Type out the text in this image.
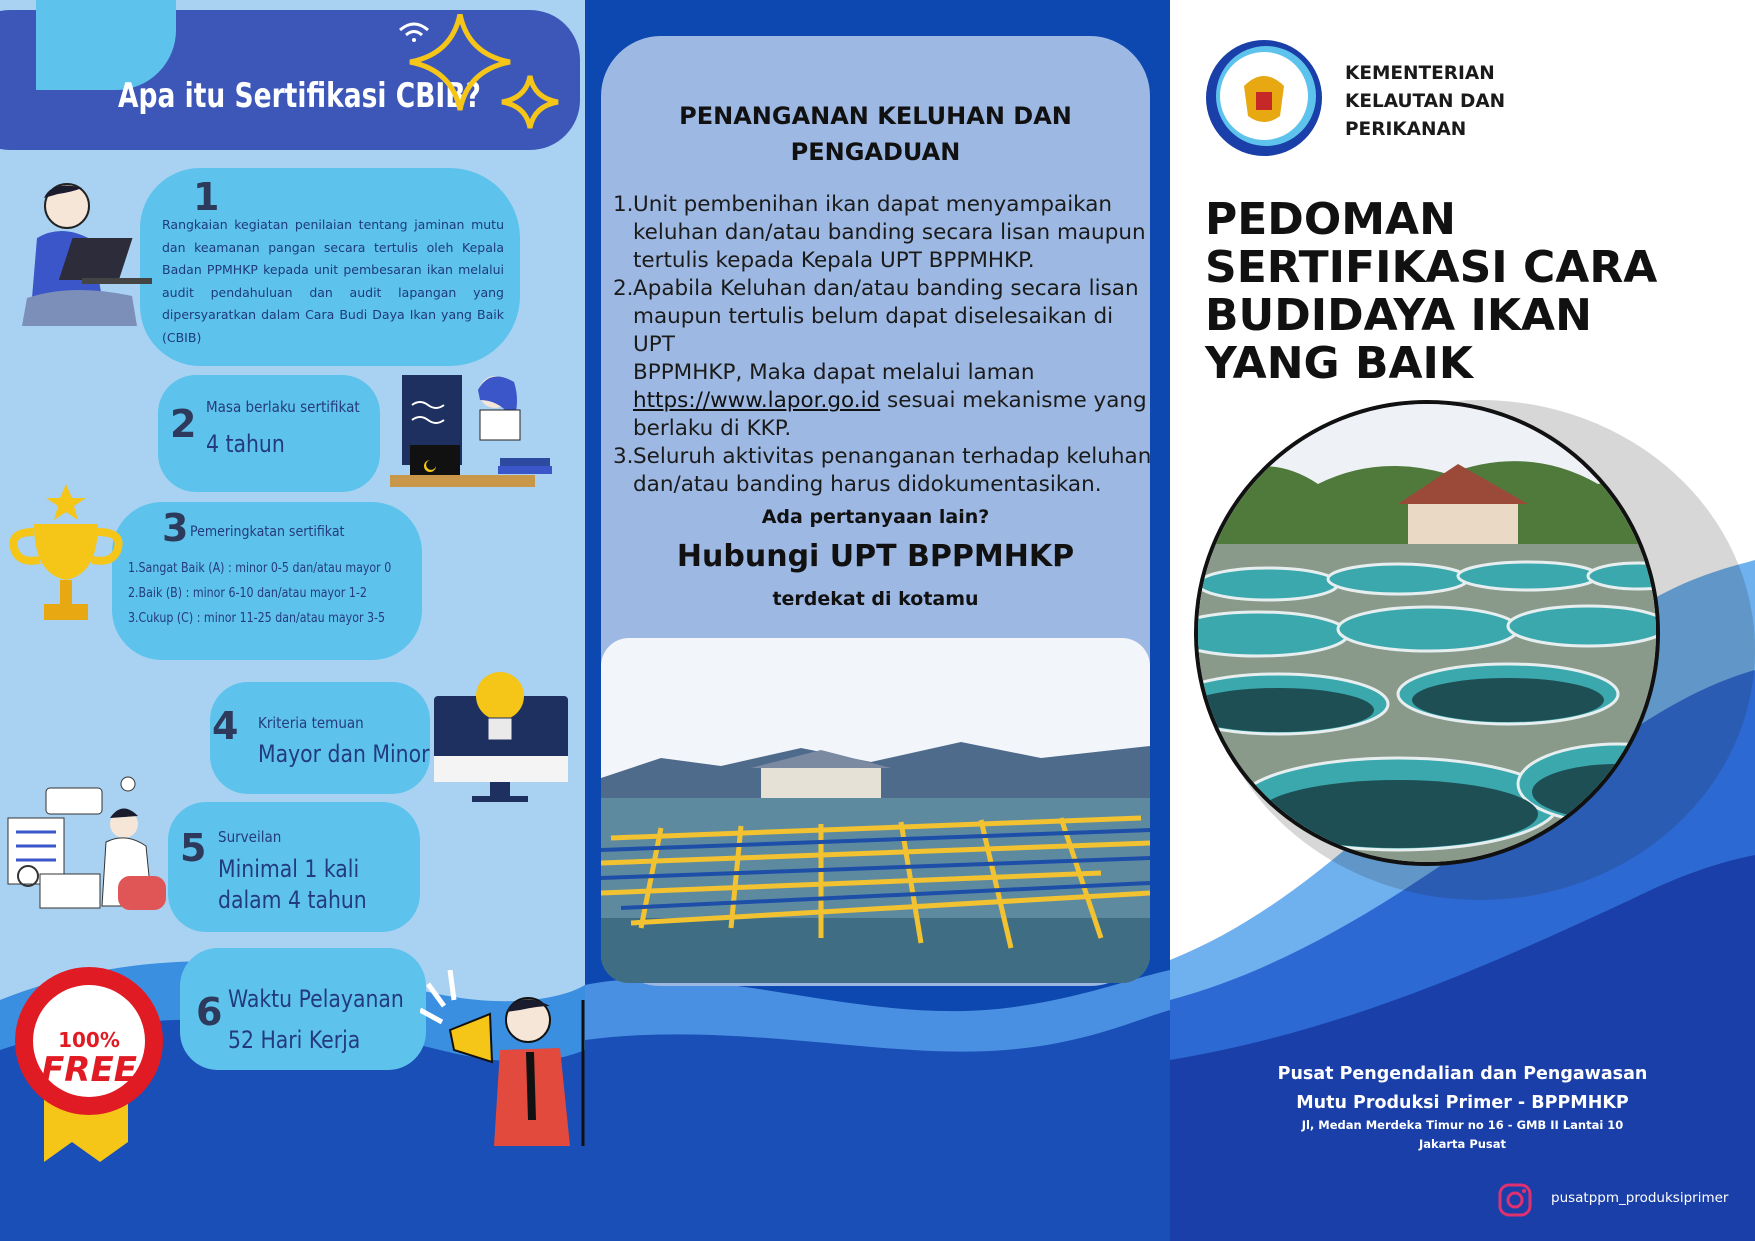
Apa itu Sertifikasi CBIB?
1
Rangkaian kegiatan penilaian tentang jaminan mutu dan keamanan pangan secara tertulis oleh Kepala Badan PPMHKP kepada unit pembesaran ikan melalui audit pendahuluan dan audit lapangan yang dipersyaratkan dalam Cara Budi Daya Ikan yang Baik (CBIB)
2 Masa berlaku sertifikat
4 tahun
3 Pemeringkatan sertifikat
1.Sangat Baik (A) : minor 0-5 dan/atau mayor 0
2.Baik (B) : minor 6-10 dan/atau mayor 1-2
3.Cukup (C) : minor 11-25 dan/atau mayor 3-5
4 Kriteria temuan
Mayor dan Minor
5 Surveilan
Minimal 1 kali
dalam 4 tahun
6 Waktu Pelayanan
52 Hari Kerja
100%
FREE
PENANGANAN KELUHAN DAN
PENGADUAN
1. Unit pembenihan ikan dapat menyampaikan
keluhan dan/atau banding secara lisan maupun
tertulis kepada Kepala UPT BPPMHKP.
2. Apabila Keluhan dan/atau banding secara lisan
maupun tertulis belum dapat diselesaikan di UPT
BPPMHKP, Maka dapat melalui laman
https://www.lapor.go.id sesuai mekanisme yang
berlaku di KKP.
3. Seluruh aktivitas penanganan terhadap keluhan
dan/atau banding harus didokumentasikan.
Ada pertanyaan lain?
Hubungi UPT BPPMHKP
terdekat di kotamu
KEMENTERIAN
KELAUTAN DAN
PERIKANAN
PEDOMAN
SERTIFIKASI CARA
BUDIDAYA IKAN
YANG BAIK
Pusat Pengendalian dan Pengawasan
Mutu Produksi Primer - BPPMHKP
Jl, Medan Merdeka Timur no 16 - GMB II Lantai 10
Jakarta Pusat
pusatppm_produksiprimer
